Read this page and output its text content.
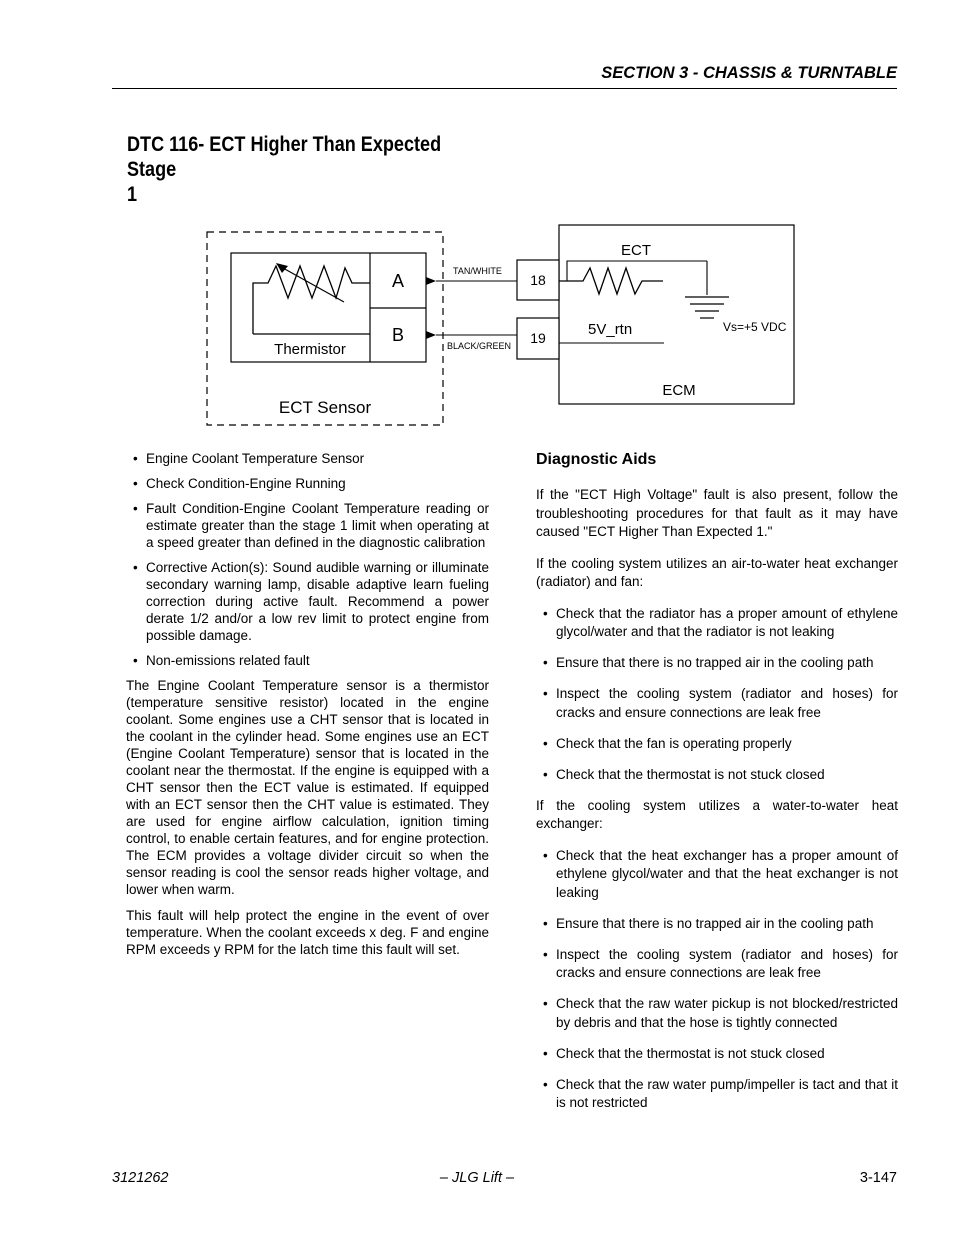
SECTION 3 - CHASSIS & TURNTABLE
DTC 116- ECT Higher Than Expected Stage
1
Thermistor
A
B
ECT Sensor
TAN/WHITE
BLACK/GREEN
18
19
ECT
5V_rtn	Vs=+5 VDC
ECM
• Engine Coolant Temperature Sensor
• Check Condition-Engine Running
• Fault Condition-Engine Coolant Temperature reading or estimate greater than the stage 1 limit when operating at a speed greater than defined in the diagnostic calibration
• Corrective Action(s): Sound audible warning or illuminate secondary warning lamp, disable adaptive learn fueling correction during active fault. Recommend a power derate 1/2 and/or a low rev limit to protect engine from possible damage.
• Non-emissions related fault

The Engine Coolant Temperature sensor is a thermistor (temperature sensitive resistor) located in the engine coolant. Some engines use a CHT sensor that is located in the coolant in the cylinder head. Some engines use an ECT (Engine Coolant Temperature) sensor that is located in the coolant near the thermostat. If the engine is equipped with a CHT sensor then the ECT value is estimated. If equipped with an ECT sensor then the CHT value is estimated. They are used for engine airflow calculation, ignition timing control, to enable certain features, and for engine protection. The ECM provides a voltage divider circuit so when the sensor reading is cool the sensor reads higher voltage, and lower when warm.

This fault will help protect the engine in the event of over temperature. When the coolant exceeds x deg. F and engine RPM exceeds y RPM for the latch time this fault will set.

Diagnostic Aids

If the "ECT High Voltage" fault is also present, follow the troubleshooting procedures for that fault as it may have caused "ECT Higher Than Expected 1."

If the cooling system utilizes an air-to-water heat exchanger (radiator) and fan:

• Check that the radiator has a proper amount of ethylene glycol/water and that the radiator is not leaking
• Ensure that there is no trapped air in the cooling path
• Inspect the cooling system (radiator and hoses) for cracks and ensure connections are leak free
• Check that the fan is operating properly
• Check that the thermostat is not stuck closed

If the cooling system utilizes a water-to-water heat exchanger:

• Check that the heat exchanger has a proper amount of ethylene glycol/water and that the heat exchanger is not leaking
• Ensure that there is no trapped air in the cooling path
• Inspect the cooling system (radiator and hoses) for cracks and ensure connections are leak free
• Check that the raw water pickup is not blocked/restricted by debris and that the hose is tightly connected
• Check that the thermostat is not stuck closed
• Check that the raw water pump/impeller is tact and that it is not restricted
3121262	– JLG Lift –	3-147
